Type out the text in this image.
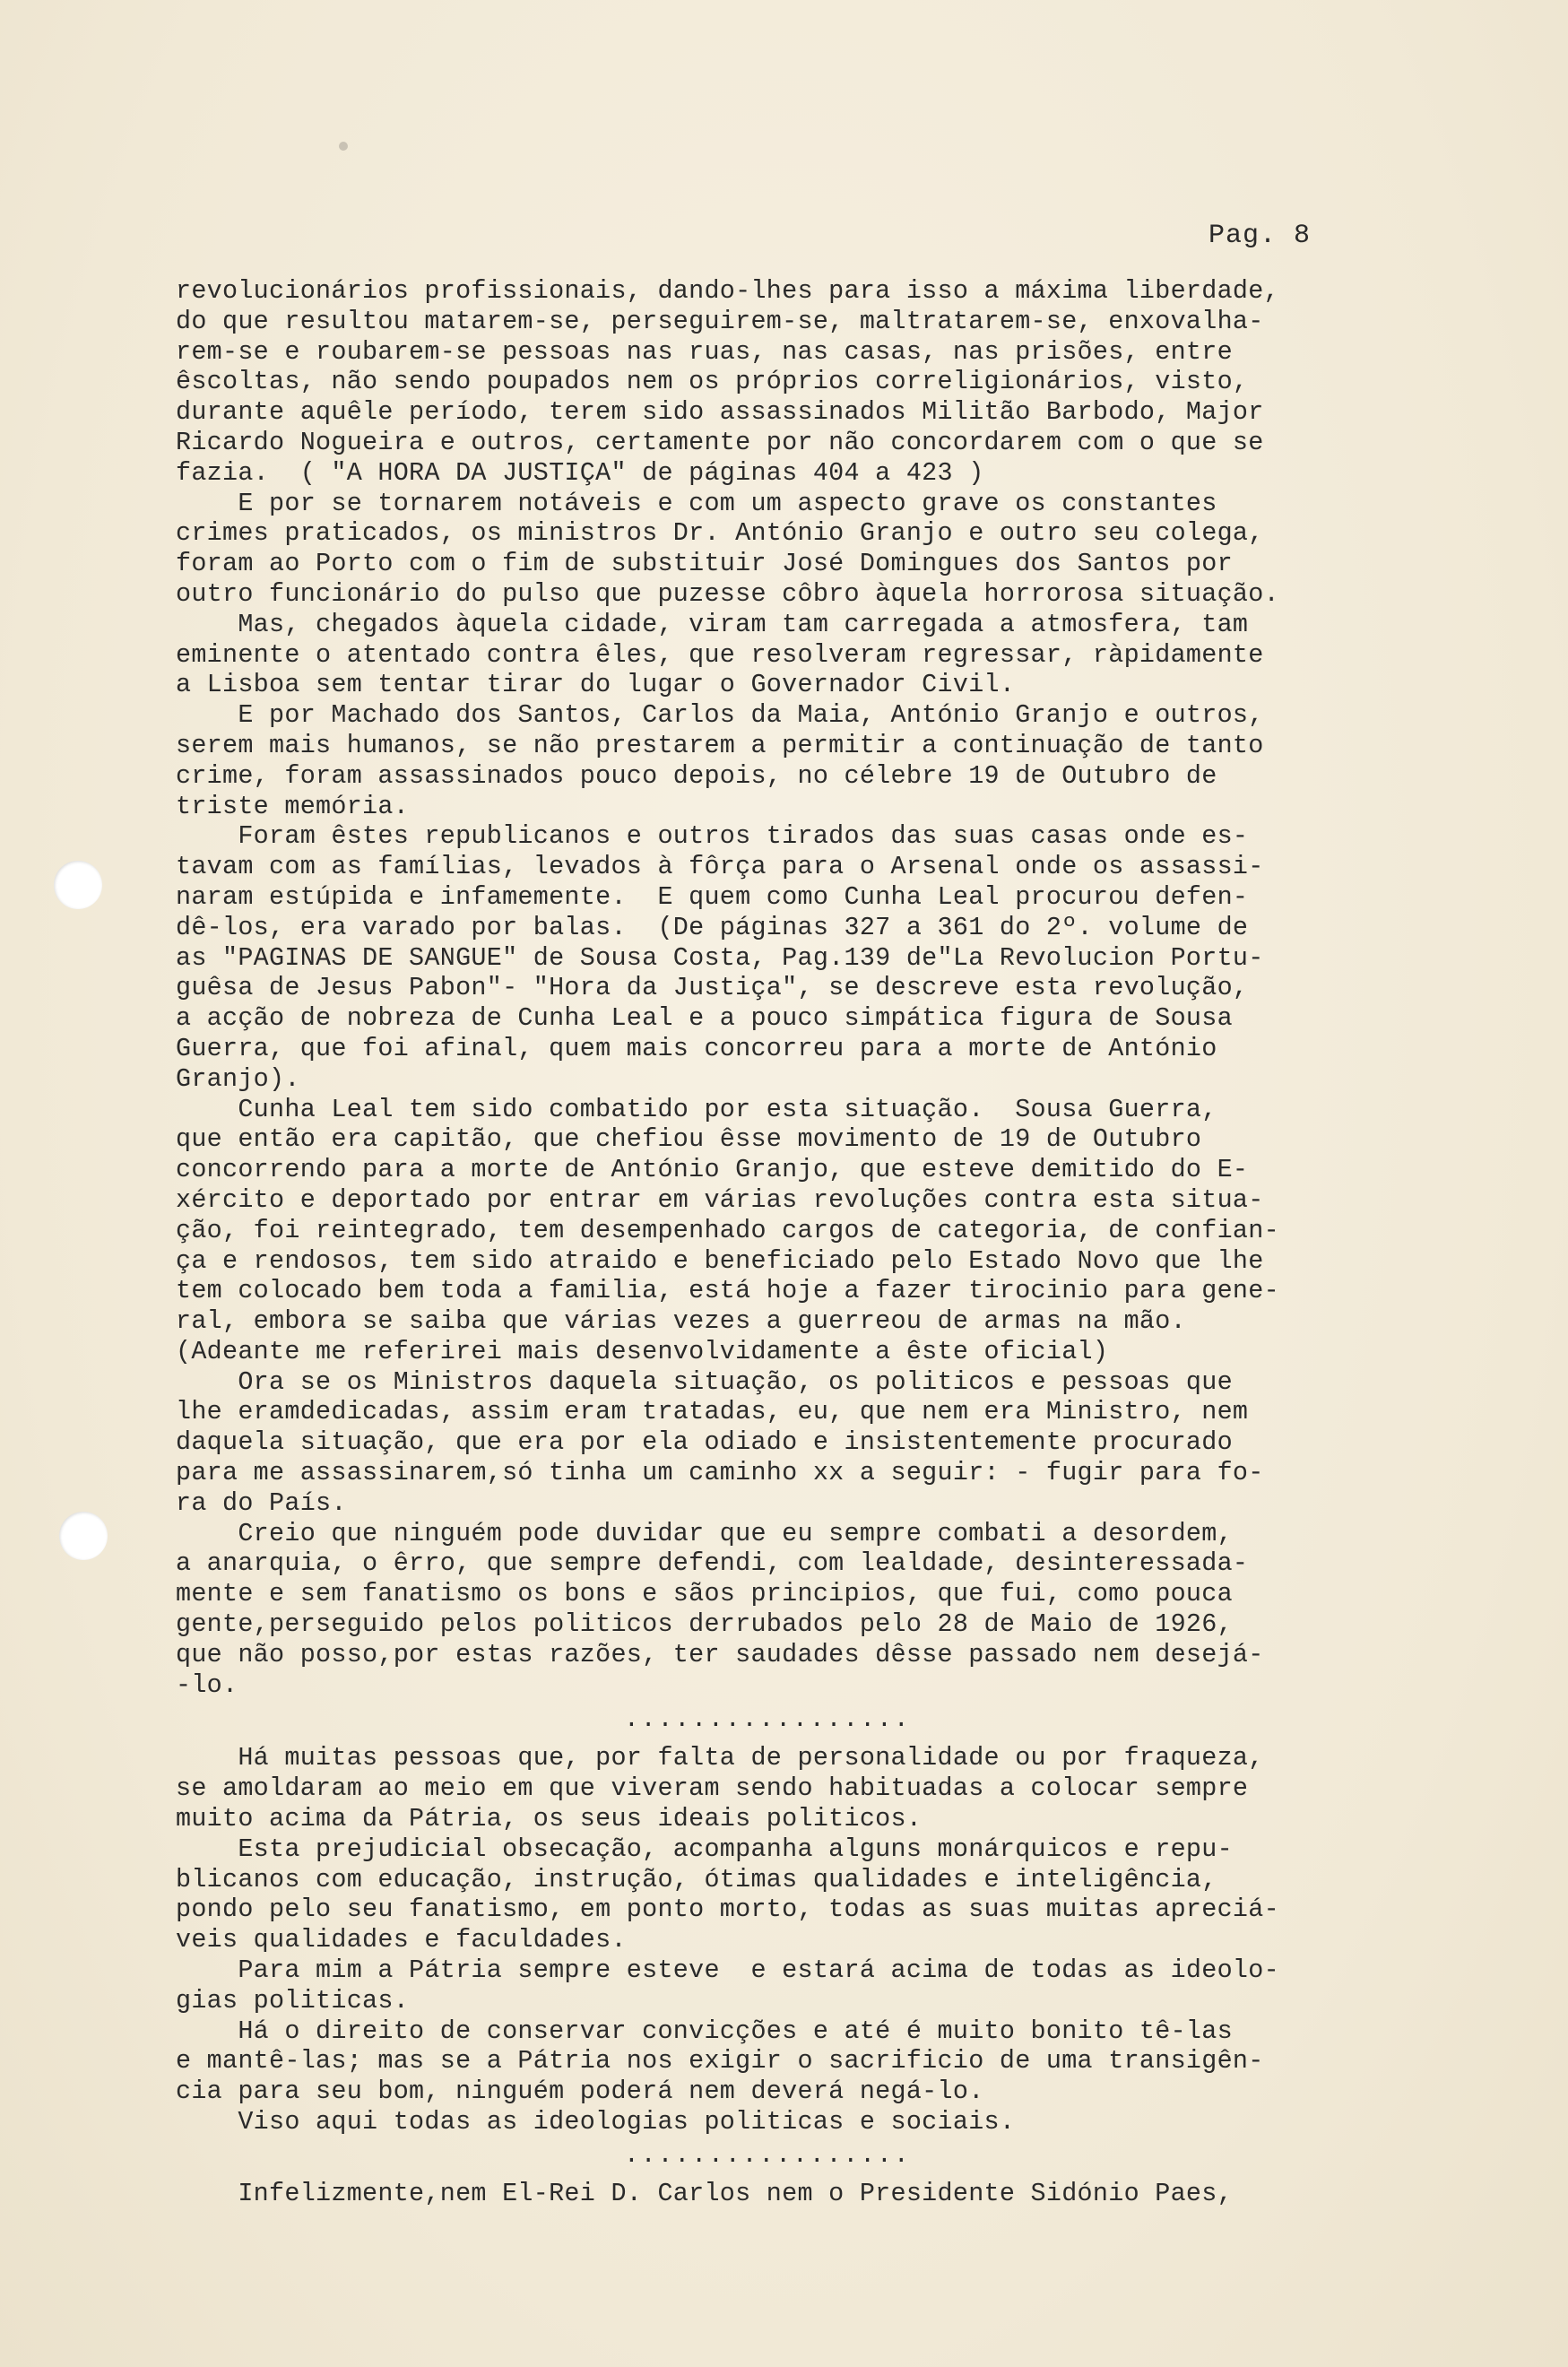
Pag. 8
revolucionários profissionais, dando-lhes para isso a máxima liberdade,
do que resultou matarem-se, perseguirem-se, maltratarem-se, enxovalha-
rem-se e roubarem-se pessoas nas ruas, nas casas, nas prisões, entre
êscoltas, não sendo poupados nem os próprios correligionários, visto,
durante aquêle período, terem sido assassinados Militão Barbodo, Major
Ricardo Nogueira e outros, certamente por não concordarem com o que se
fazia.  ( "A HORA DA JUSTIÇA" de páginas 404 a 423 )
E por se tornarem notáveis e com um aspecto grave os constantes
crimes praticados, os ministros Dr. António Granjo e outro seu colega,
foram ao Porto com o fim de substituir José Domingues dos Santos por
outro funcionário do pulso que puzesse côbro àquela horrorosa situação.
Mas, chegados àquela cidade, viram tam carregada a atmosfera, tam
eminente o atentado contra êles, que resolveram regressar, ràpidamente
a Lisboa sem tentar tirar do lugar o Governador Civil.
E por Machado dos Santos, Carlos da Maia, António Granjo e outros,
serem mais humanos, se não prestarem a permitir a continuação de tanto
crime, foram assassinados pouco depois, no célebre 19 de Outubro de
triste memória.
Foram êstes republicanos e outros tirados das suas casas onde es-
tavam com as famílias, levados à fôrça para o Arsenal onde os assassi-
naram estúpida e infamemente.  E quem como Cunha Leal procurou defen-
dê-los, era varado por balas.  (De páginas 327 a 361 do 2º. volume de
as "PAGINAS DE SANGUE" de Sousa Costa, Pag.139 de"La Revolucion Portu-
guêsa de Jesus Pabon"- "Hora da Justiça", se descreve esta revolução,
a acção de nobreza de Cunha Leal e a pouco simpática figura de Sousa
Guerra, que foi afinal, quem mais concorreu para a morte de António
Granjo).
Cunha Leal tem sido combatido por esta situação.  Sousa Guerra,
que então era capitão, que chefiou êsse movimento de 19 de Outubro
concorrendo para a morte de António Granjo, que esteve demitido do E-
xército e deportado por entrar em várias revoluções contra esta situa-
ção, foi reintegrado, tem desempenhado cargos de categoria, de confian-
ça e rendosos, tem sido atraido e beneficiado pelo Estado Novo que lhe
tem colocado bem toda a familia, está hoje a fazer tirocinio para gene-
ral, embora se saiba que várias vezes a guerreou de armas na mão.
(Adeante me referirei mais desenvolvidamente a êste oficial)
Ora se os Ministros daquela situação, os politicos e pessoas que
lhe eramdedicadas, assim eram tratadas, eu, que nem era Ministro, nem
daquela situação, que era por ela odiado e insistentemente procurado
para me assassinarem,só tinha um caminho xx a seguir: - fugir para fo-
ra do País.
Creio que ninguém pode duvidar que eu sempre combati a desordem,
a anarquia, o êrro, que sempre defendi, com lealdade, desinteressada-
mente e sem fanatismo os bons e sãos principios, que fui, como pouca
gente,perseguido pelos politicos derrubados pelo 28 de Maio de 1926,
que não posso,por estas razões, ter saudades dêsse passado nem desejá-
-lo.
.................
Há muitas pessoas que, por falta de personalidade ou por fraqueza,
se amoldaram ao meio em que viveram sendo habituadas a colocar sempre
muito acima da Pátria, os seus ideais politicos.
Esta prejudicial obsecação, acompanha alguns monárquicos e repu-
blicanos com educação, instrução, ótimas qualidades e inteligência,
pondo pelo seu fanatismo, em ponto morto, todas as suas muitas apreciá-
veis qualidades e faculdades.
Para mim a Pátria sempre esteve  e estará acima de todas as ideolo-
gias politicas.
Há o direito de conservar convicções e até é muito bonito tê-las
e mantê-las; mas se a Pátria nos exigir o sacrificio de uma transigên-
cia para seu bom, ninguém poderá nem deverá negá-lo.
Viso aqui todas as ideologias politicas e sociais.
.................
Infelizmente,nem El-Rei D. Carlos nem o Presidente Sidónio Paes,
